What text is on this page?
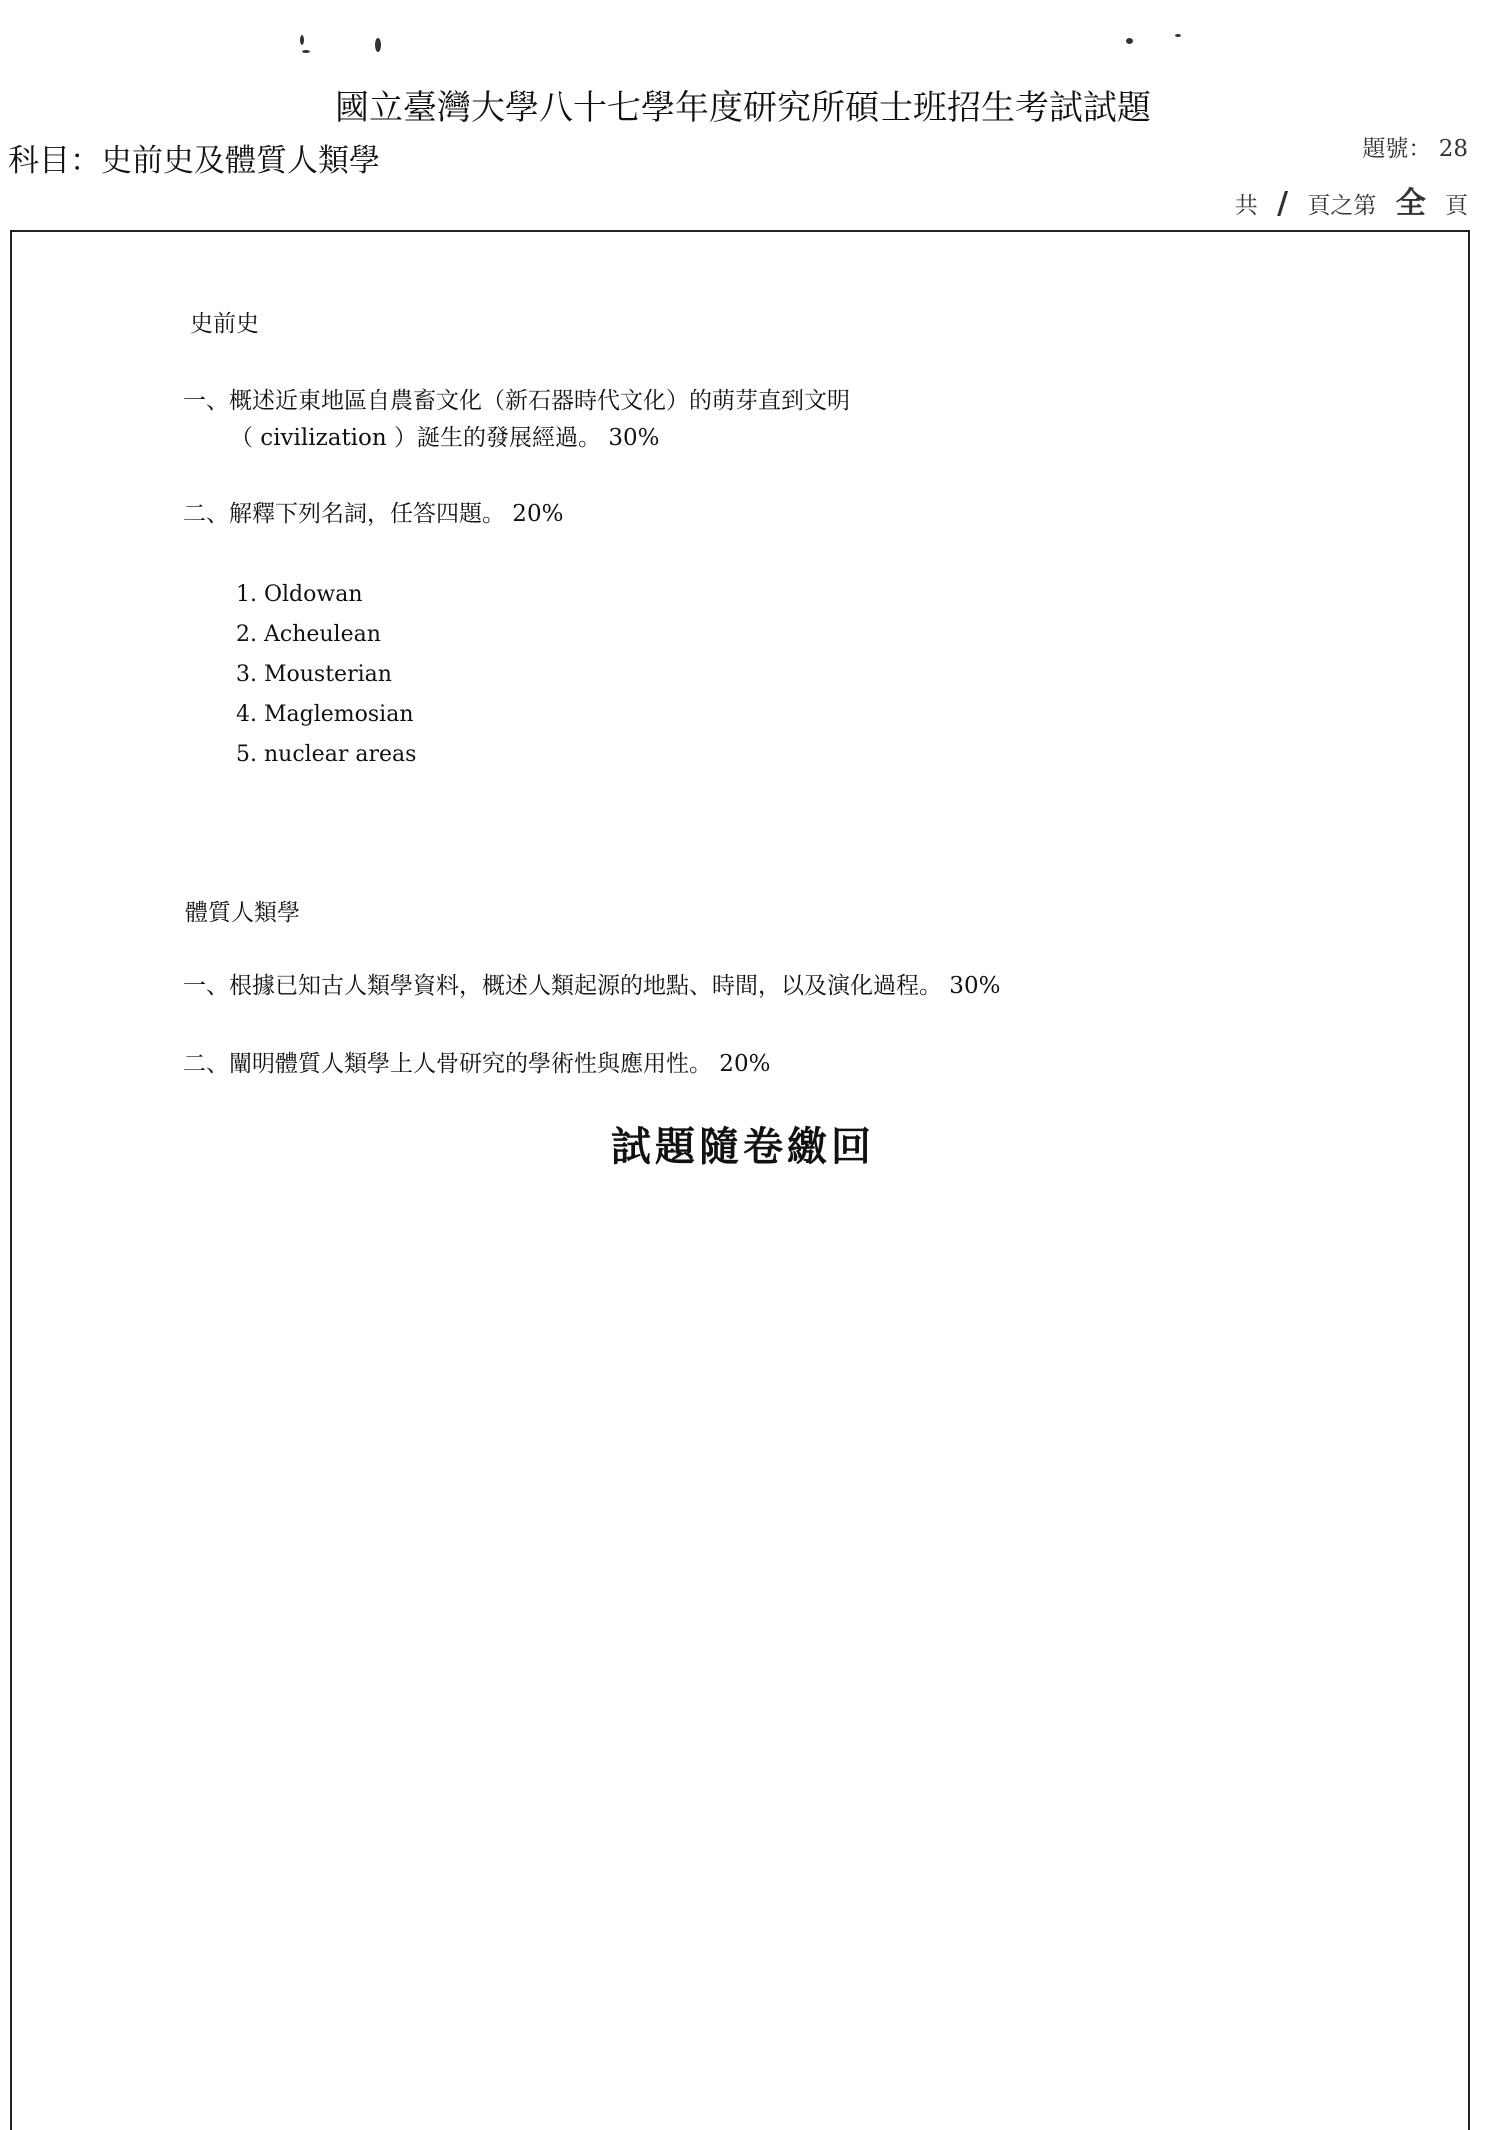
國立臺灣大學八十七學年度研究所碩士班招生考試試題
科目：史前史及體質人類學	題號： 28
共 / 頁之第 全 頁
史前史
一、概述近東地區自農畜文化（新石器時代文化）的萌芽直到文明
（ civilization ）誕生的發展經過。 30%
二、解釋下列名詞，任答四題。 20%
1. Oldowan
2. Acheulean
3. Mousterian
4. Maglemosian
5. nuclear areas
體質人類學
一、根據已知古人類學資料，概述人類起源的地點、時間，以及演化過程。 30%
二、闡明體質人類學上人骨研究的學術性與應用性。 20%
試題隨卷繳回
